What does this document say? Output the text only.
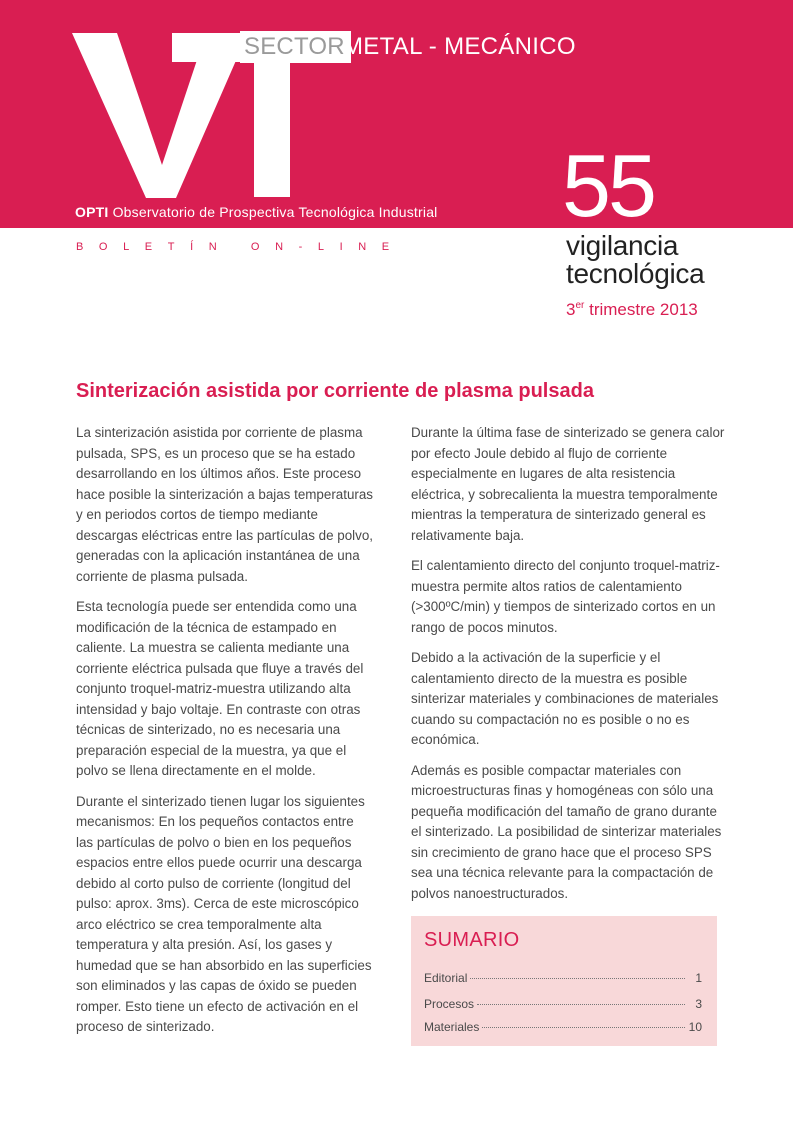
SECTOR
METAL - MECÁNICO
OPTI Observatorio de Prospectiva Tecnológica Industrial
BOLETÍN ON-LINE
55
vigilancia
tecnológica
3er trimestre 2013
Sinterización asistida por corriente de plasma pulsada

La sinterización asistida por corriente de plasma pulsada, SPS, es un proceso que se ha estado desarrollando en los últimos años. Este proceso hace posible la sinterización a bajas temperaturas y en periodos cortos de tiempo mediante descargas eléctricas entre las partículas de polvo, generadas con la aplicación instantánea de una corriente de plasma pulsada.

Esta tecnología puede ser entendida como una modificación de la técnica de estampado en caliente. La muestra se calienta mediante una corriente eléctrica pulsada que fluye a través del conjunto troquel-matriz-muestra utilizando alta intensidad y bajo voltaje. En contraste con otras técnicas de sinterizado, no es necesaria una preparación especial de la muestra, ya que el polvo se llena directamente en el molde.

Durante el sinterizado tienen lugar los siguientes mecanismos: En los pequeños contactos entre las partículas de polvo o bien en los pequeños espacios entre ellos puede ocurrir una descarga debido al corto pulso de corriente (longitud del pulso: aprox. 3ms). Cerca de este microscópico arco eléctrico se crea temporalmente alta temperatura y alta presión. Así, los gases y humedad que se han absorbido en las superficies son eliminados y las capas de óxido se pueden romper. Esto tiene un efecto de activación en el proceso de sinterizado.

Durante la última fase de sinterizado se genera calor por efecto Joule debido al flujo de corriente especialmente en lugares de alta resistencia eléctrica, y sobrecalienta la muestra temporalmente mientras la temperatura de sinterizado general es relativamente baja.

El calentamiento directo del conjunto troquel-matriz-muestra permite altos ratios de calentamiento (>300ºC/min) y tiempos de sinterizado cortos en un rango de pocos minutos.

Debido a la activación de la superficie y el calentamiento directo de la muestra es posible sinterizar materiales y combinaciones de materiales cuando su compactación no es posible o no es económica.

Además es posible compactar materiales con microestructuras finas y homogéneas con sólo una pequeña modificación del tamaño de grano durante el sinterizado. La posibilidad de sinterizar materiales sin crecimiento de grano hace que el proceso SPS sea una técnica relevante para la compactación de polvos nanoestructurados.

SUMARIO
Editorial	1
Procesos	3
Materiales	10
